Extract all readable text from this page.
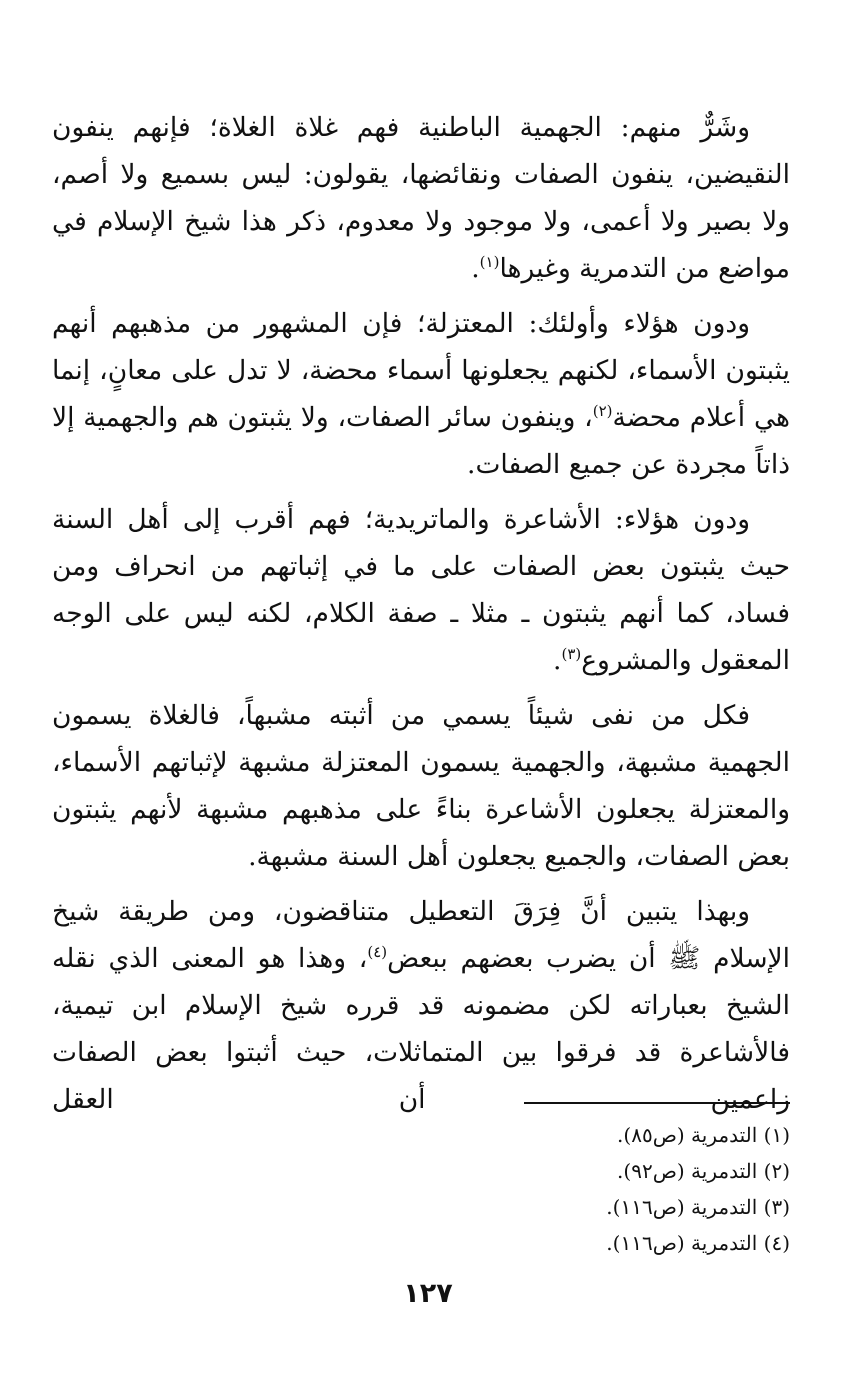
وشَرٌّ منهم: الجهمية الباطنية فهم غلاة الغلاة؛ فإنهم ينفون النقيضين، ينفون الصفات ونقائضها، يقولون: ليس بسميع ولا أصم، ولا بصير ولا أعمى، ولا موجود ولا معدوم، ذكر هذا شيخ الإسلام في مواضع من التدمرية وغيرها$^{(١)}$.

ودون هؤلاء وأولئك: المعتزلة؛ فإن المشهور من مذهبهم أنهم يثبتون الأسماء، لكنهم يجعلونها أسماء محضة، لا تدل على معانٍ، إنما هي أعلام محضة$^{(٢)}$، وينفون سائر الصفات، ولا يثبتون هم والجهمية إلا ذاتاً مجردة عن جميع الصفات.

ودون هؤلاء: الأشاعرة والماتريدية؛ فهم أقرب إلى أهل السنة حيث يثبتون بعض الصفات على ما في إثباتهم من انحراف ومن فساد، كما أنهم يثبتون ـ مثلا ـ صفة الكلام، لكنه ليس على الوجه المعقول والمشروع$^{(٣)}$.

فكل من نفى شيئاً يسمي من أثبته مشبهاً، فالغلاة يسمون الجهمية مشبهة، والجهمية يسمون المعتزلة مشبهة لإثباتهم الأسماء، والمعتزلة يجعلون الأشاعرة بناءً على مذهبهم مشبهة لأنهم يثبتون بعض الصفات، والجميع يجعلون أهل السنة مشبهة.

وبهذا يتبين أنَّ فِرَقَ التعطيل متناقضون، ومن طريقة شيخ الإسلام ﷺ أن يضرب بعضهم ببعض$^{(٤)}$، وهذا هو المعنى الذي نقله الشيخ بعباراته لكن مضمونه قد قرره شيخ الإسلام ابن تيمية، فالأشاعرة قد فرقوا بين المتماثلات، حيث أثبتوا بعض الصفات زاعمين أن العقل

(١) التدمرية (ص٨٥).

(٢) التدمرية (ص٩٢).

(٣) التدمرية (ص١١٦).

(٤) التدمرية (ص١١٦).

١٢٧
